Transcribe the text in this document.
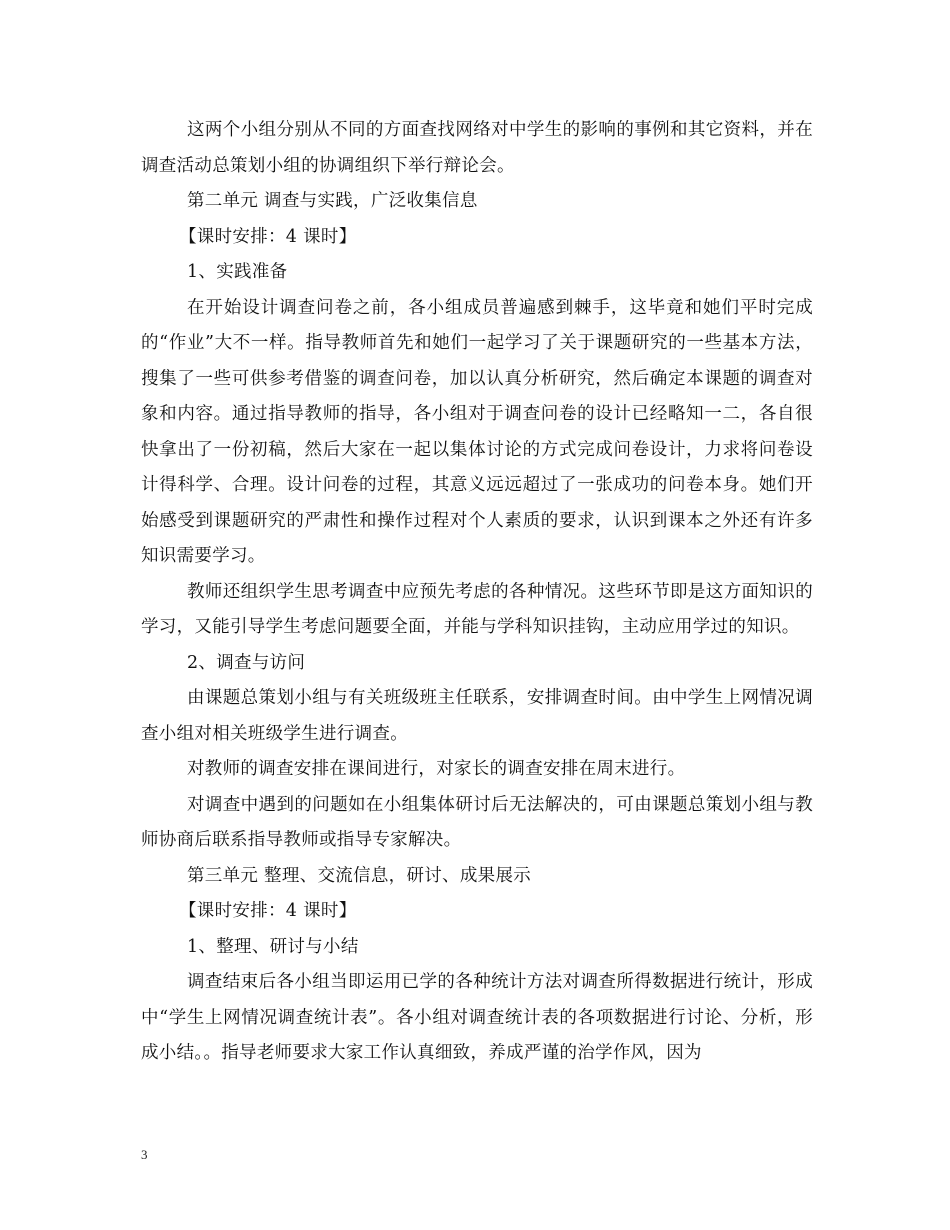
这两个小组分别从不同的方面查找网络对中学生的影响的事例和其它资料，并在调查活动总策划小组的协调组织下举行辩论会。

第二单元 调查与实践，广泛收集信息

【课时安排：4 课时】

1、实践准备

在开始设计调查问卷之前，各小组成员普遍感到棘手，这毕竟和她们平时完成的“作业”大不一样。指导教师首先和她们一起学习了关于课题研究的一些基本方法，搜集了一些可供参考借鉴的调查问卷，加以认真分析研究，然后确定本课题的调查对象和内容。通过指导教师的指导，各小组对于调查问卷的设计已经略知一二，各自很快拿出了一份初稿，然后大家在一起以集体讨论的方式完成问卷设计，力求将问卷设计得科学、合理。设计问卷的过程，其意义远远超过了一张成功的问卷本身。她们开始感受到课题研究的严肃性和操作过程对个人素质的要求，认识到课本之外还有许多知识需要学习。

教师还组织学生思考调查中应预先考虑的各种情况。这些环节即是这方面知识的学习，又能引导学生考虑问题要全面，并能与学科知识挂钩，主动应用学过的知识。

2、调查与访问

由课题总策划小组与有关班级班主任联系，安排调查时间。由中学生上网情况调查小组对相关班级学生进行调查。

对教师的调查安排在课间进行，对家长的调查安排在周末进行。

对调查中遇到的问题如在小组集体研讨后无法解决的，可由课题总策划小组与教师协商后联系指导教师或指导专家解决。

第三单元 整理、交流信息，研讨、成果展示

【课时安排：4 课时】

1、整理、研讨与小结

调查结束后各小组当即运用已学的各种统计方法对调查所得数据进行统计，形成中“学生上网情况调查统计表”。各小组对调查统计表的各项数据进行讨论、分析，形成小结。。指导老师要求大家工作认真细致，养成严谨的治学作风，因为

3
